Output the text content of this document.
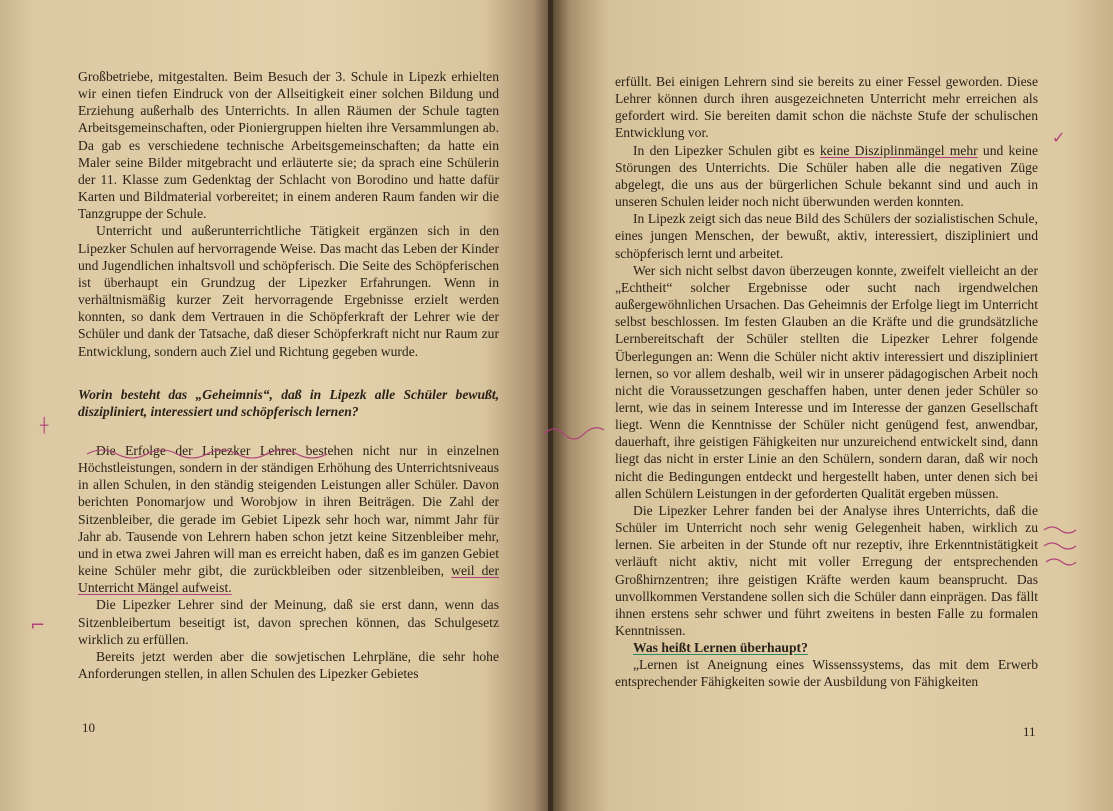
Großbetriebe, mitgestalten. Beim Besuch der 3. Schule in Lipezk erhielten wir einen tiefen Eindruck von der Allseitigkeit einer solchen Bildung und Erziehung außerhalb des Unterrichts. In allen Räumen der Schule tagten Arbeitsgemeinschaften, oder Pioniergruppen hielten ihre Versammlungen ab. Da gab es verschiedene technische Arbeitsgemeinschaften; da hatte ein Maler seine Bilder mitgebracht und erläuterte sie; da sprach eine Schülerin der 11. Klasse zum Gedenktag der Schlacht von Borodino und hatte dafür Karten und Bildmaterial vorbereitet; in einem anderen Raum fanden wir die Tanzgruppe der Schule.

Unterricht und außerunterrichtliche Tätigkeit ergänzen sich in den Lipezker Schulen auf hervorragende Weise. Das macht das Leben der Kinder und Jugendlichen inhaltsvoll und schöpferisch. Die Seite des Schöpferischen ist überhaupt ein Grundzug der Lipezker Erfahrungen. Wenn in verhältnismäßig kurzer Zeit hervorragende Ergebnisse erzielt werden konnten, so dank dem Vertrauen in die Schöpferkraft der Lehrer wie der Schüler und dank der Tatsache, daß dieser Schöpferkraft nicht nur Raum zur Entwicklung, sondern auch Ziel und Richtung gegeben wurde.

Worin besteht das „Geheimnis“, daß in Lipezk alle Schüler bewußt, diszipliniert, interessiert und schöpferisch lernen?

Die Erfolge der Lipezker Lehrer bestehen nicht nur in einzelnen Höchstleistungen, sondern in der ständigen Erhöhung des Unterrichtsniveaus in allen Schulen, in den ständig steigenden Leistungen aller Schüler. Davon berichten Ponomarjow und Worobjow in ihren Beiträgen. Die Zahl der Sitzenbleiber, die gerade im Gebiet Lipezk sehr hoch war, nimmt Jahr für Jahr ab. Tausende von Lehrern haben schon jetzt keine Sitzenbleiber mehr, und in etwa zwei Jahren will man es erreicht haben, daß es im ganzen Gebiet keine Schüler mehr gibt, die zurückbleiben oder sitzenbleiben, weil der Unterricht Mängel aufweist.

Die Lipezker Lehrer sind der Meinung, daß sie erst dann, wenn das Sitzenbleibertum beseitigt ist, davon sprechen können, das Schulgesetz wirklich zu erfüllen.

Bereits jetzt werden aber die sowjetischen Lehrpläne, die sehr hohe Anforderungen stellen, in allen Schulen des Lipezker Gebietes

10

erfüllt. Bei einigen Lehrern sind sie bereits zu einer Fessel geworden. Diese Lehrer können durch ihren ausgezeichneten Unterricht mehr erreichen als gefordert wird. Sie bereiten damit schon die nächste Stufe der schulischen Entwicklung vor.

In den Lipezker Schulen gibt es keine Disziplinmängel mehr und keine Störungen des Unterrichts. Die Schüler haben alle die negativen Züge abgelegt, die uns aus der bürgerlichen Schule bekannt sind und auch in unseren Schulen leider noch nicht überwunden werden konnten.

In Lipezk zeigt sich das neue Bild des Schülers der sozialistischen Schule, eines jungen Menschen, der bewußt, aktiv, interessiert, diszipliniert und schöpferisch lernt und arbeitet.

Wer sich nicht selbst davon überzeugen konnte, zweifelt vielleicht an der „Echtheit“ solcher Ergebnisse oder sucht nach irgendwelchen außergewöhnlichen Ursachen. Das Geheimnis der Erfolge liegt im Unterricht selbst beschlossen. Im festen Glauben an die Kräfte und die grundsätzliche Lernbereitschaft der Schüler stellten die Lipezker Lehrer folgende Überlegungen an: Wenn die Schüler nicht aktiv interessiert und diszipliniert lernen, so vor allem deshalb, weil wir in unserer pädagogischen Arbeit noch nicht die Voraussetzungen geschaffen haben, unter denen jeder Schüler so lernt, wie das in seinem Interesse und im Interesse der ganzen Gesellschaft liegt. Wenn die Kenntnisse der Schüler nicht genügend fest, anwendbar, dauerhaft, ihre geistigen Fähigkeiten nur unzureichend entwickelt sind, dann liegt das nicht in erster Linie an den Schülern, sondern daran, daß wir noch nicht die Bedingungen entdeckt und hergestellt haben, unter denen sich bei allen Schülern Leistungen in der geforderten Qualität ergeben müssen.

Die Lipezker Lehrer fanden bei der Analyse ihres Unterrichts, daß die Schüler im Unterricht noch sehr wenig Gelegenheit haben, wirklich zu lernen. Sie arbeiten in der Stunde oft nur rezeptiv, ihre Erkenntnistätigkeit verläuft nicht aktiv, nicht mit voller Erregung der entsprechenden Großhirnzentren; ihre geistigen Kräfte werden kaum beansprucht. Das unvollkommen Verstandene sollen sich die Schüler dann einprägen. Das fällt ihnen erstens sehr schwer und führt zweitens in besten Falle zu formalen Kenntnissen.

Was heißt Lernen überhaupt?

„Lernen ist Aneignung eines Wissenssystems, das mit dem Erwerb entsprechender Fähigkeiten sowie der Ausbildung von Fähigkeiten

11
┼
⌐
✓
